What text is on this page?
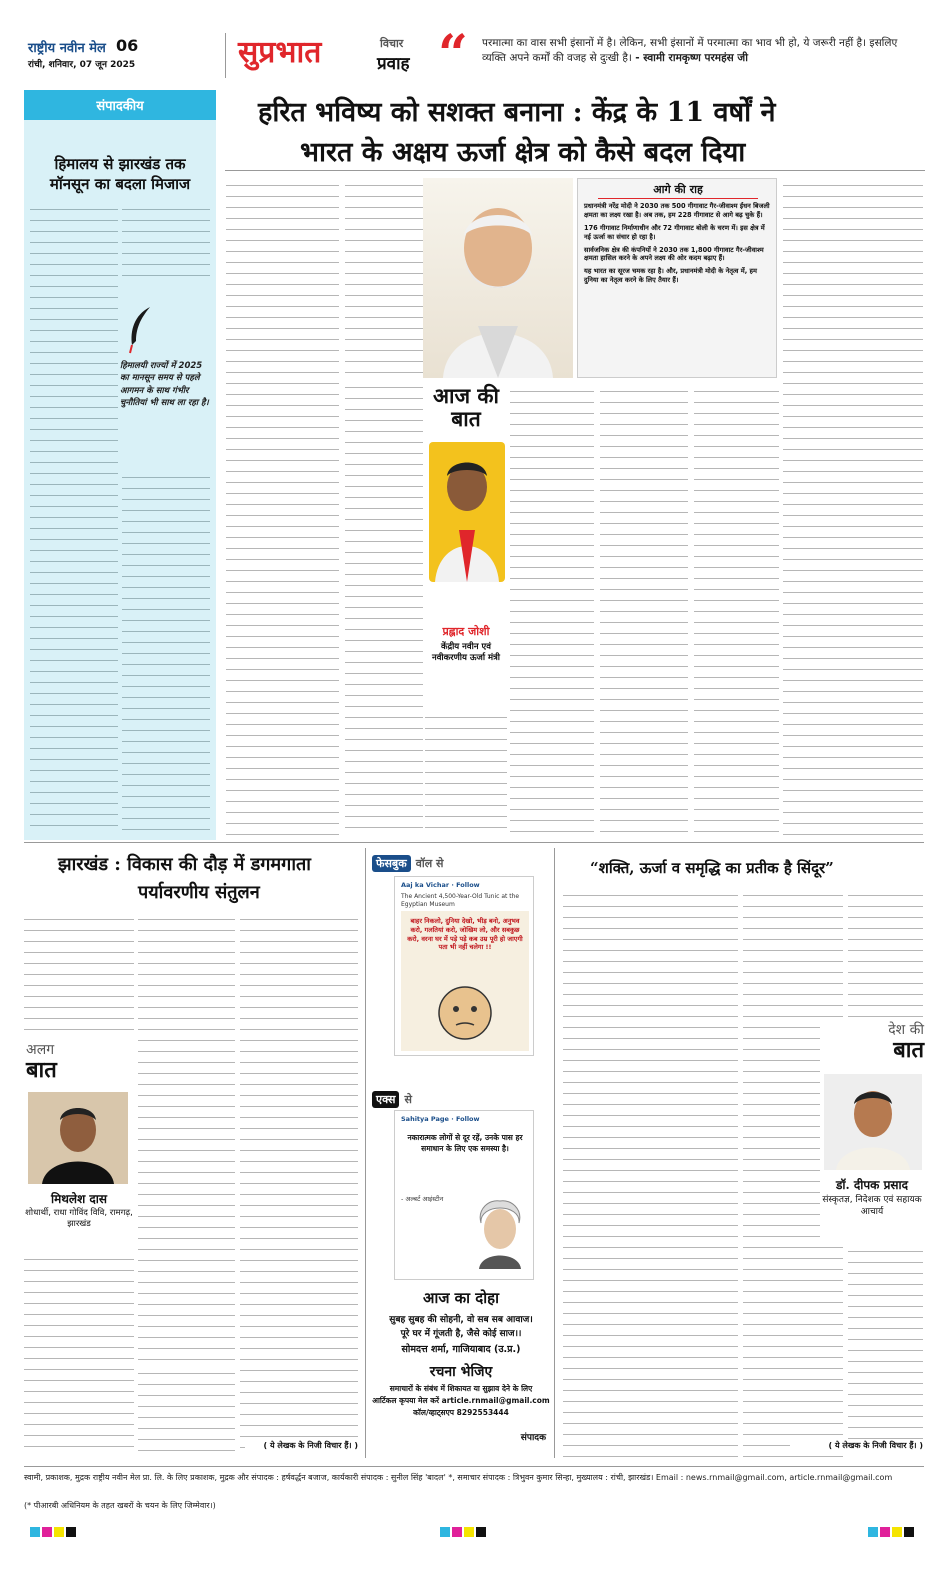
राष्ट्रीय नवीन मेल 06
रांची, शनिवार, 07 जून 2025	सुप्रभात	विचार
प्रवाह “ परमात्मा का वास सभी इंसानों में है। लेकिन, सभी इंसानों में परमात्मा का भाव भी हो, ये जरूरी नहीं है। इसलिए व्यक्ति अपने कर्मों की वजह से दुःखी है। - स्वामी रामकृष्ण परमहंस जी
संपादकीय
हिमालय से झारखंड तक मॉनसून का बदला मिजाज
हिमालयी राज्यों में 2025 का मानसून समय से पहले आगमन के साथ गंभीर चुनौतियां भी साथ ला रहा है।
हरित भविष्य को सशक्त बनाना : केंद्र के 11 वर्षों ने
भारत के अक्षय ऊर्जा क्षेत्र को कैसे बदल दिया
आगे की राह
प्रधानमंत्री नरेंद्र मोदी ने 2030 तक 500 गीगावाट गैर-जीवाश्म ईंधन बिजली क्षमता का लक्ष्य रखा है। अब तक, हम 228 गीगावाट से आगे बढ़ चुके हैं।
176 गीगावाट निर्माणाधीन और 72 गीगावाट बोली के चरण में। इस क्षेत्र में नई ऊर्जा का संचार हो रहा है।
सार्वजनिक क्षेत्र की कंपनियों ने 2030 तक 1,800 गीगावाट गैर-जीवाश्म क्षमता हासिल करने के अपने लक्ष्य की ओर कदम बढ़ाए हैं।
यह भारत का सूरज चमक रहा है। और, प्रधानमंत्री मोदी के नेतृत्व में, हम दुनिया का नेतृत्व करने के लिए तैयार हैं।
आज की बात
प्रह्लाद जोशी
केंद्रीय नवीन एवं नवीकरणीय ऊर्जा मंत्री
झारखंड : विकास की दौड़ में डगमगाता
पर्यावरणीय संतुलन
अलग
बात
मिथलेश दास
शोधार्थी, राधा गोविंद विवि, रामगढ़, झारखंड
( ये लेखक के निजी विचार हैं। )
फेसबुक वॉल से
Aaj ka Vichar · Follow
The Ancient 4,500-Year-Old Tunic at the Egyptian Museum
बाहर निकलो, दुनिया देखो, भीड़ बनो, अनुभव करो, गलतियां करो, जोखिम लो, और सबकुछ करो, वरना घर में पड़े पड़े कब उम्र पूरी हो जाएगी पता भी नहीं चलेगा !!
एक्स से
Sahitya Page · Follow
नकारात्मक लोगों से दूर रहें, उनके पास हर समाधान के लिए एक समस्या है।
- अल्बर्ट आइंस्टीन
आज का दोहा
सुबह सुबह की सोहनी, वो सब सब आवाज।
पूरे घर में गूंजती है, जैसे कोई साज।।
सोमदत्त शर्मा, गाजियाबाद (उ.प्र.)
रचना भेजिए
समाचारों के संबंध में शिकायत या सुझाव देने के लिए
आर्टिकल कृपया मेल करें article.rnmail@gmail.com
कॉल/व्हाट्सएप 8292553444
संपादक
“शक्ति, ऊर्जा व समृद्धि का प्रतीक है सिंदूर”
देश की
बात
डॉ. दीपक प्रसाद
संस्कृतज्ञ, निदेशक एवं सहायक आचार्य
( ये लेखक के निजी विचार हैं। )
स्वामी, प्रकाशक, मुद्रक राष्ट्रीय नवीन मेल प्रा. लि. के लिए प्रकाशक, मुद्रक और संपादक : हर्षवर्द्धन बजाज, कार्यकारी संपादक : सुनील सिंह 'बादल' *, समाचार संपादक : त्रिभुवन कुमार सिन्हा, मुख्यालय : रांची, झारखंड। Email : news.rnmail@gmail.com, article.rnmail@gmail.com
(* पीआरबी अधिनियम के तहत खबरों के चयन के लिए जिम्मेवार।)
